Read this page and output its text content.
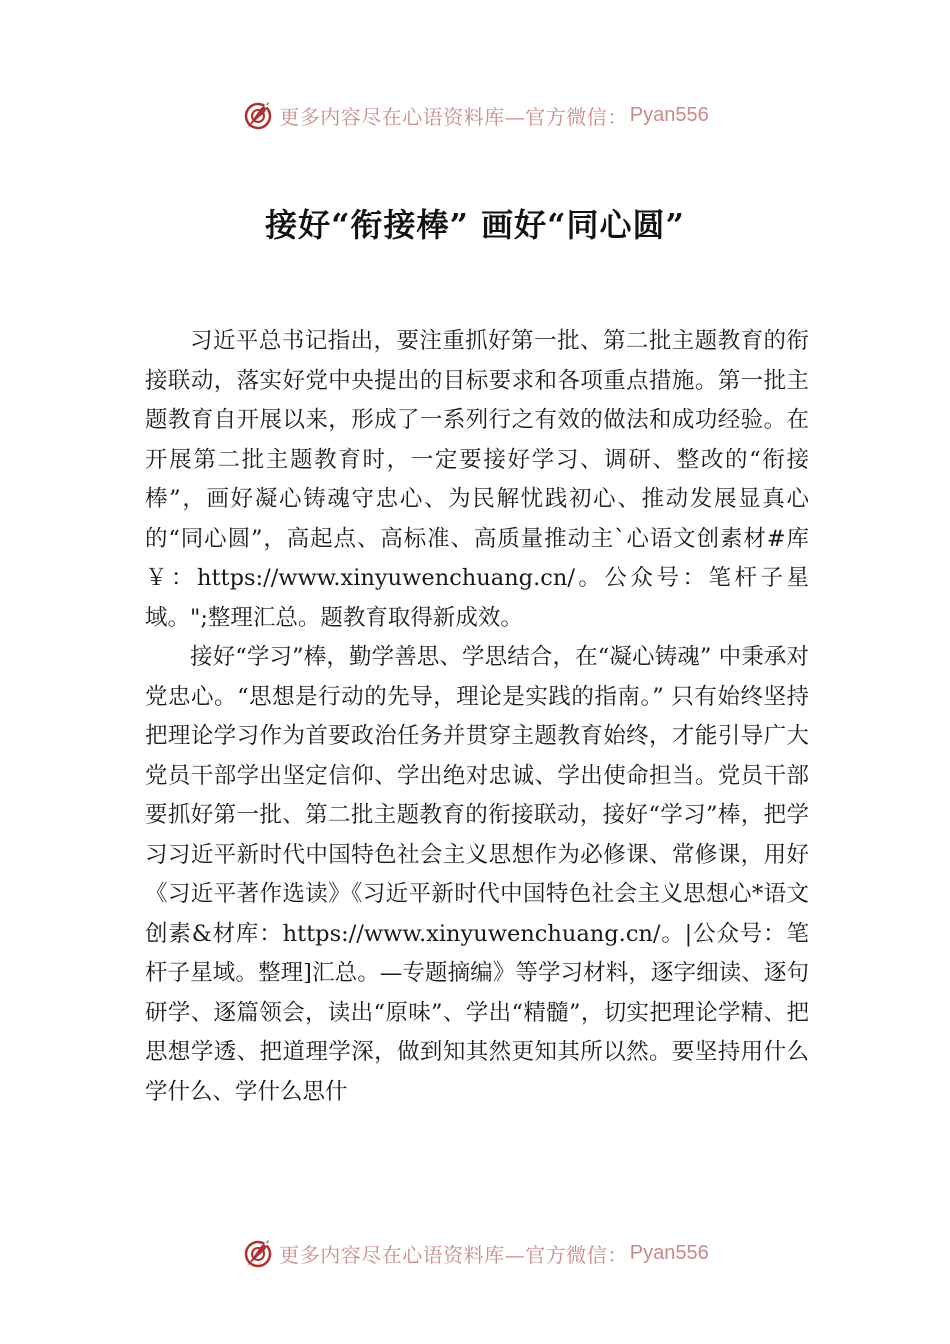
更多内容尽在心语资料库—官方微信： Pyan556
接好“衔接棒” 画好“同心圆”

习近平总书记指出，要注重抓好第一批、第二批主题教育的衔接联动，落实好党中央提出的目标要求和各项重点措施。第一批主题教育自开展以来，形成了一系列行之有效的做法和成功经验。在开展第二批主题教育时，一定要接好学习、调研、整改的“衔接棒”，画好凝心铸魂守忠心、为民解忧践初心、推动发展显真心的“同心圆”，高起点、高标准、高质量推动主`心语文创素材#库￥：https://www.xinyuwenchuang.cn/。公众号：笔杆子星域。";整理汇总。题教育取得新成效。

接好“学习”棒，勤学善思、学思结合，在“凝心铸魂” 中秉承对党忠心。“思想是行动的先导，理论是实践的指南。” 只有始终坚持把理论学习作为首要政治任务并贯穿主题教育始终，才能引导广大党员干部学出坚定信仰、学出绝对忠诚、学出使命担当。党员干部要抓好第一批、第二批主题教育的衔接联动，接好“学习”棒，把学习习近平新时代中国特色社会主义思想作为必修课、常修课，用好《习近平著作选读》《习近平新时代中国特色社会主义思想心*语文创素&材库：https://www.xinyuwenchuang.cn/。|公众号：笔杆子星域。整理]汇总。—专题摘编》等学习材料，逐字细读、逐句研学、逐篇领会，读出“原味”、学出“精髓”，切实把理论学精、把思想学透、把道理学深，做到知其然更知其所以然。要坚持用什么学什么、学什么思什

更多内容尽在心语资料库—官方微信： Pyan556
